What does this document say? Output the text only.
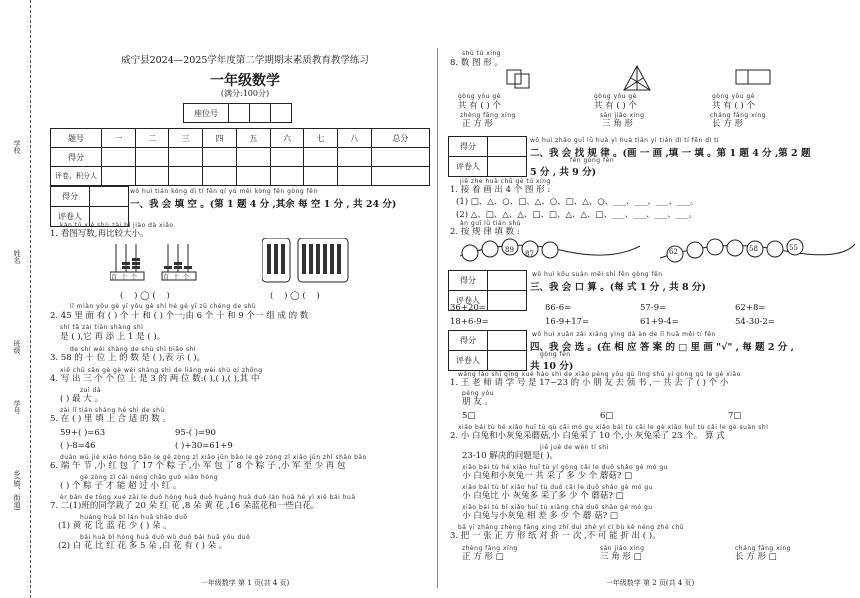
学校
姓名
班级
学号
乡(镇、街道)
威宁县2024—2025学年度第二学期期末素质教育教学练习
一年级数学
(满分:100分)
座位号			
题号	一	二	三	四	五	六	七	八	总分
得分									
评卷、积分人									
得分	
评卷人	
wǒ huì tián kòng dì tí fēn qí yú měi kòng fēn gòng fēn
一、我 会 填 空 。(第 1 题 4 分 ,其余 每 空 1 分 , 共 24 分)
kàn tú xiě shù zài bǐ jiào dà xiǎo
1. 看图写数,再比较大小。
百十个	百十个
(    ) ◯ (    )	(    ) ◯ (    )
lǐ miàn yǒu gè yī yǒu gè shí hé gè yī zǔ chéng de shù
2. 45 里 面 有 ( ) 个 十 和 ( ) 个一;由 6 个 十 和 9 个一 组 成 的 数
shì tā zài tiān shàng shì
是 ( ),它 再 添 上 1 是 ( )。
de shí wèi shàng de shù shì biǎo shì
3. 58 的 十 位 上 的 数 是 ( ),表 示 ( )。
xiě chū sān gè gè wèi shàng shì de liǎng wèi shù qí zhōng
4. 写 出 三 个 个 位 上 是 3 的 两 位 数:( ),( ),( ),其 中
zuì dà
( ) 最 大 。
zài lǐ tián shàng hé shì de shù
5. 在 ( ) 里 填 上 合 适 的 数 。
59+( )=63	95-( )=90
( )-8=46	( )+30=61+9
duān wǔ jié xiǎo hóng bāo le gè zòng zǐ xiǎo jūn bāo le gè zòng zǐ xiǎo jūn zhǐ shǎo bāo
6. 端 午 节 ,小 红 包 了 17 个 粽 子 ,小 军 包 了 8 个 粽 子 ,小 军 至 少 再 包
gè zòng zǐ cái néng chāo guò xiǎo hóng
( ) 个 粽 子 才 能 超 过 小 红 。
èr bān de tóng xué zāi le duǒ hóng huā duǒ huáng huā duǒ lán huā hé yì xiē bái huā
7. 二(1)班的同学栽了 20 朵 红 花 ,8 朵 黄 花 ,16 朵蓝花和一些白花。
huáng huā bǐ lán huā shǎo duǒ
(1) 黄 花 比 蓝 花 少 ( ) 朵 。
bái huā bǐ hóng huā duō wǔ duǒ bái huā yǒu duǒ
(2) 白 花 比 红 花 多 5 朵 ,白 花 有 ( ) 朵 。
一年级数学 第 1 页(共 4 页)
shǔ tú xíng
8. 数 图 形 。
gòng yǒu gè
共 有 ( ) 个
zhèng fāng xíng
正 方 形
gòng yǒu gè
共 有 ( ) 个
sān jiǎo xíng
三 角 形
gòng yǒu gè
共 有 ( ) 个
cháng fāng xíng
长 方 形
得分	
评卷人	
wǒ huì zhǎo guī lǜ huà yì huà tián yi tián dì tí fēn dì tí
二、我 会 找 规 律 。(画 一 画 ,填 一 填 。第 1 题 4 分 ,第 2 题
fēn gòng fēn
5 分 , 共 9 分)
jiē zhe huà chū gè tú xíng
1. 接 着 画 出 4 个 图 形 :
(1) □、△、○、□、△、○、□、△、○、___、___、___、___。
(2) △、□、△、△、□、□、△、△、□、___、___、___、___。
àn guī lǜ tián shù
2. 按 规 律 填 数 :
89 87	62	58	55
得分	
评卷人	
wǒ huì kǒu suàn měi shì fēn gòng fēn
三、我 会 口 算 。(每 式 1 分 , 共 8 分)
36+20=	86-6=	57-9=	62+8=
18+6-9=	16-9+17=	61+9-4=	54-30-2=
得分	
评卷人	
wǒ huì xuǎn zài xiāng yìng dá àn de lǐ huà měi tí fēn
四、我 会 选 。(在 相 应 答 案 的 □ 里 画 "√" , 每 题 2 分 ,
gòng fēn
共 10 分)
wáng lǎo shī qǐng xué hào shì de xiǎo péng yǒu qù lǐng shū yí gòng qù le gè xiǎo
1. 王 老 师 请 学 号 是 17~23 的 小 朋 友 去 领 书 ,一 共 去 了 ( ) 个 小
péng yǒu
朋 友 。
5□	6□	7□
xiǎo bái tù hé xiǎo huī tù qù cǎi mó gu xiǎo bái tù cǎi le gè xiǎo huī tù cǎi le gè suàn shì
2. 小 白兔和小灰兔采蘑菇,小 白兔采了 10 个,小 灰兔采了 23 个。 算 式
jiě jué de wèn tí shì
23-10 解决的问题是( )。
xiǎo bái tù hé xiǎo huī tù yí gòng cǎi le duō shǎo gè mó gu
小 白兔和小灰兔一 共 采了 多 少 个 蘑菇? □
xiǎo bái tù bǐ xiǎo huī tù duō cǎi le duō shǎo gè mó gu
小 白兔比 小 灰兔多 采了多 少 个 蘑菇? □
xiǎo bái tù bǐ xiǎo huī tù xiāng chà duō shǎo gè mó gu
小 白兔与小灰兔 相 差 多 少 个 蘑 菇? □
bǎ yì zhāng zhèng fāng xíng zhǐ duì zhé yí cì bù kě néng zhé chū
3. 把 一 张 正 方 形 纸 对 折 一 次 ,不 可 能 折 出 ( )。
zhèng fāng xíng
正 方 形 □
sān jiǎo xíng
三 角 形 □
cháng fāng xíng
长 方 形 □
一年级数学 第 2 页(共 4 页)
